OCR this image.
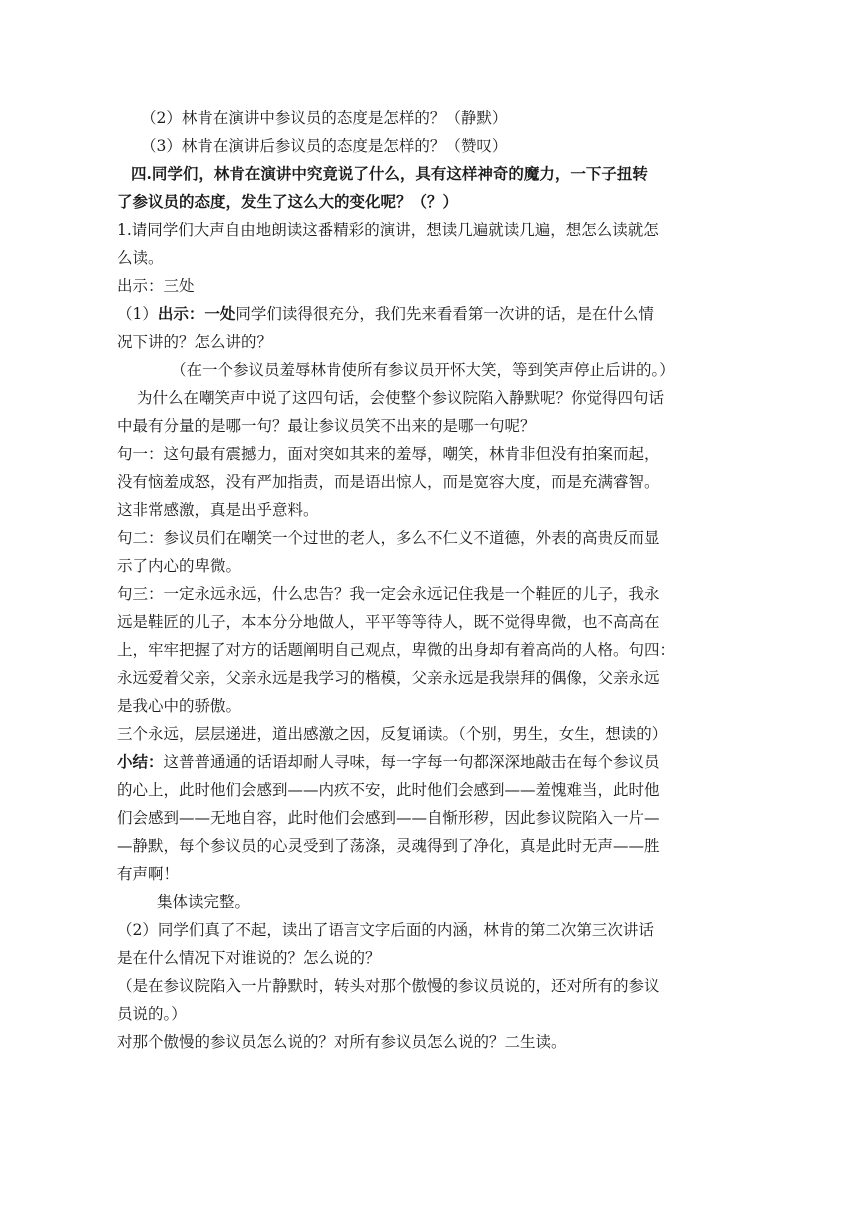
（2）林肯在演讲中参议员的态度是怎样的？（静默）

（3）林肯在演讲后参议员的态度是怎样的？（赞叹）

四.同学们，林肯在演讲中究竟说了什么，具有这样神奇的魔力，一下子扭转

了参议员的态度，发生了这么大的变化呢？（？）

1.请同学们大声自由地朗读这番精彩的演讲，想读几遍就读几遍，想怎么读就怎
么读。

出示：三处

（1）出示：一处同学们读得很充分，我们先来看看第一次讲的话，是在什么情
况下讲的？怎么讲的？

（在一个参议员羞辱林肯使所有参议员开怀大笑，等到笑声停止后讲的。）

为什么在嘲笑声中说了这四句话，会使整个参议院陷入静默呢？你觉得四句话
中最有分量的是哪一句？最让参议员笑不出来的是哪一句呢？

句一：这句最有震撼力，面对突如其来的羞辱，嘲笑，林肯非但没有拍案而起，
没有恼羞成怒，没有严加指责，而是语出惊人，而是宽容大度，而是充满睿智。
这非常感激，真是出乎意料。

句二：参议员们在嘲笑一个过世的老人，多么不仁义不道德，外表的高贵反而显
示了内心的卑微。

句三：一定永远永远，什么忠告？我一定会永远记住我是一个鞋匠的儿子，我永
远是鞋匠的儿子，本本分分地做人，平平等等待人，既不觉得卑微，也不高高在
上，牢牢把握了对方的话题阐明自己观点，卑微的出身却有着高尚的人格。句四：
永远爱着父亲，父亲永远是我学习的楷模，父亲永远是我崇拜的偶像，父亲永远
是我心中的骄傲。

三个永远，层层递进，道出感激之因，反复诵读。（个别，男生，女生，想读的）

小结：这普普通通的话语却耐人寻味，每一字每一句都深深地敲击在每个参议员
的心上，此时他们会感到——内疚不安，此时他们会感到——羞愧难当，此时他
们会感到——无地自容，此时他们会感到——自惭形秽，因此参议院陷入一片—
—静默，每个参议员的心灵受到了荡涤，灵魂得到了净化，真是此时无声——胜
有声啊！

集体读完整。

（2）同学们真了不起，读出了语言文字后面的内涵，林肯的第二次第三次讲话
是在什么情况下对谁说的？怎么说的？

（是在参议院陷入一片静默时，转头对那个傲慢的参议员说的，还对所有的参议
员说的。）

对那个傲慢的参议员怎么说的？对所有参议员怎么说的？二生读。
